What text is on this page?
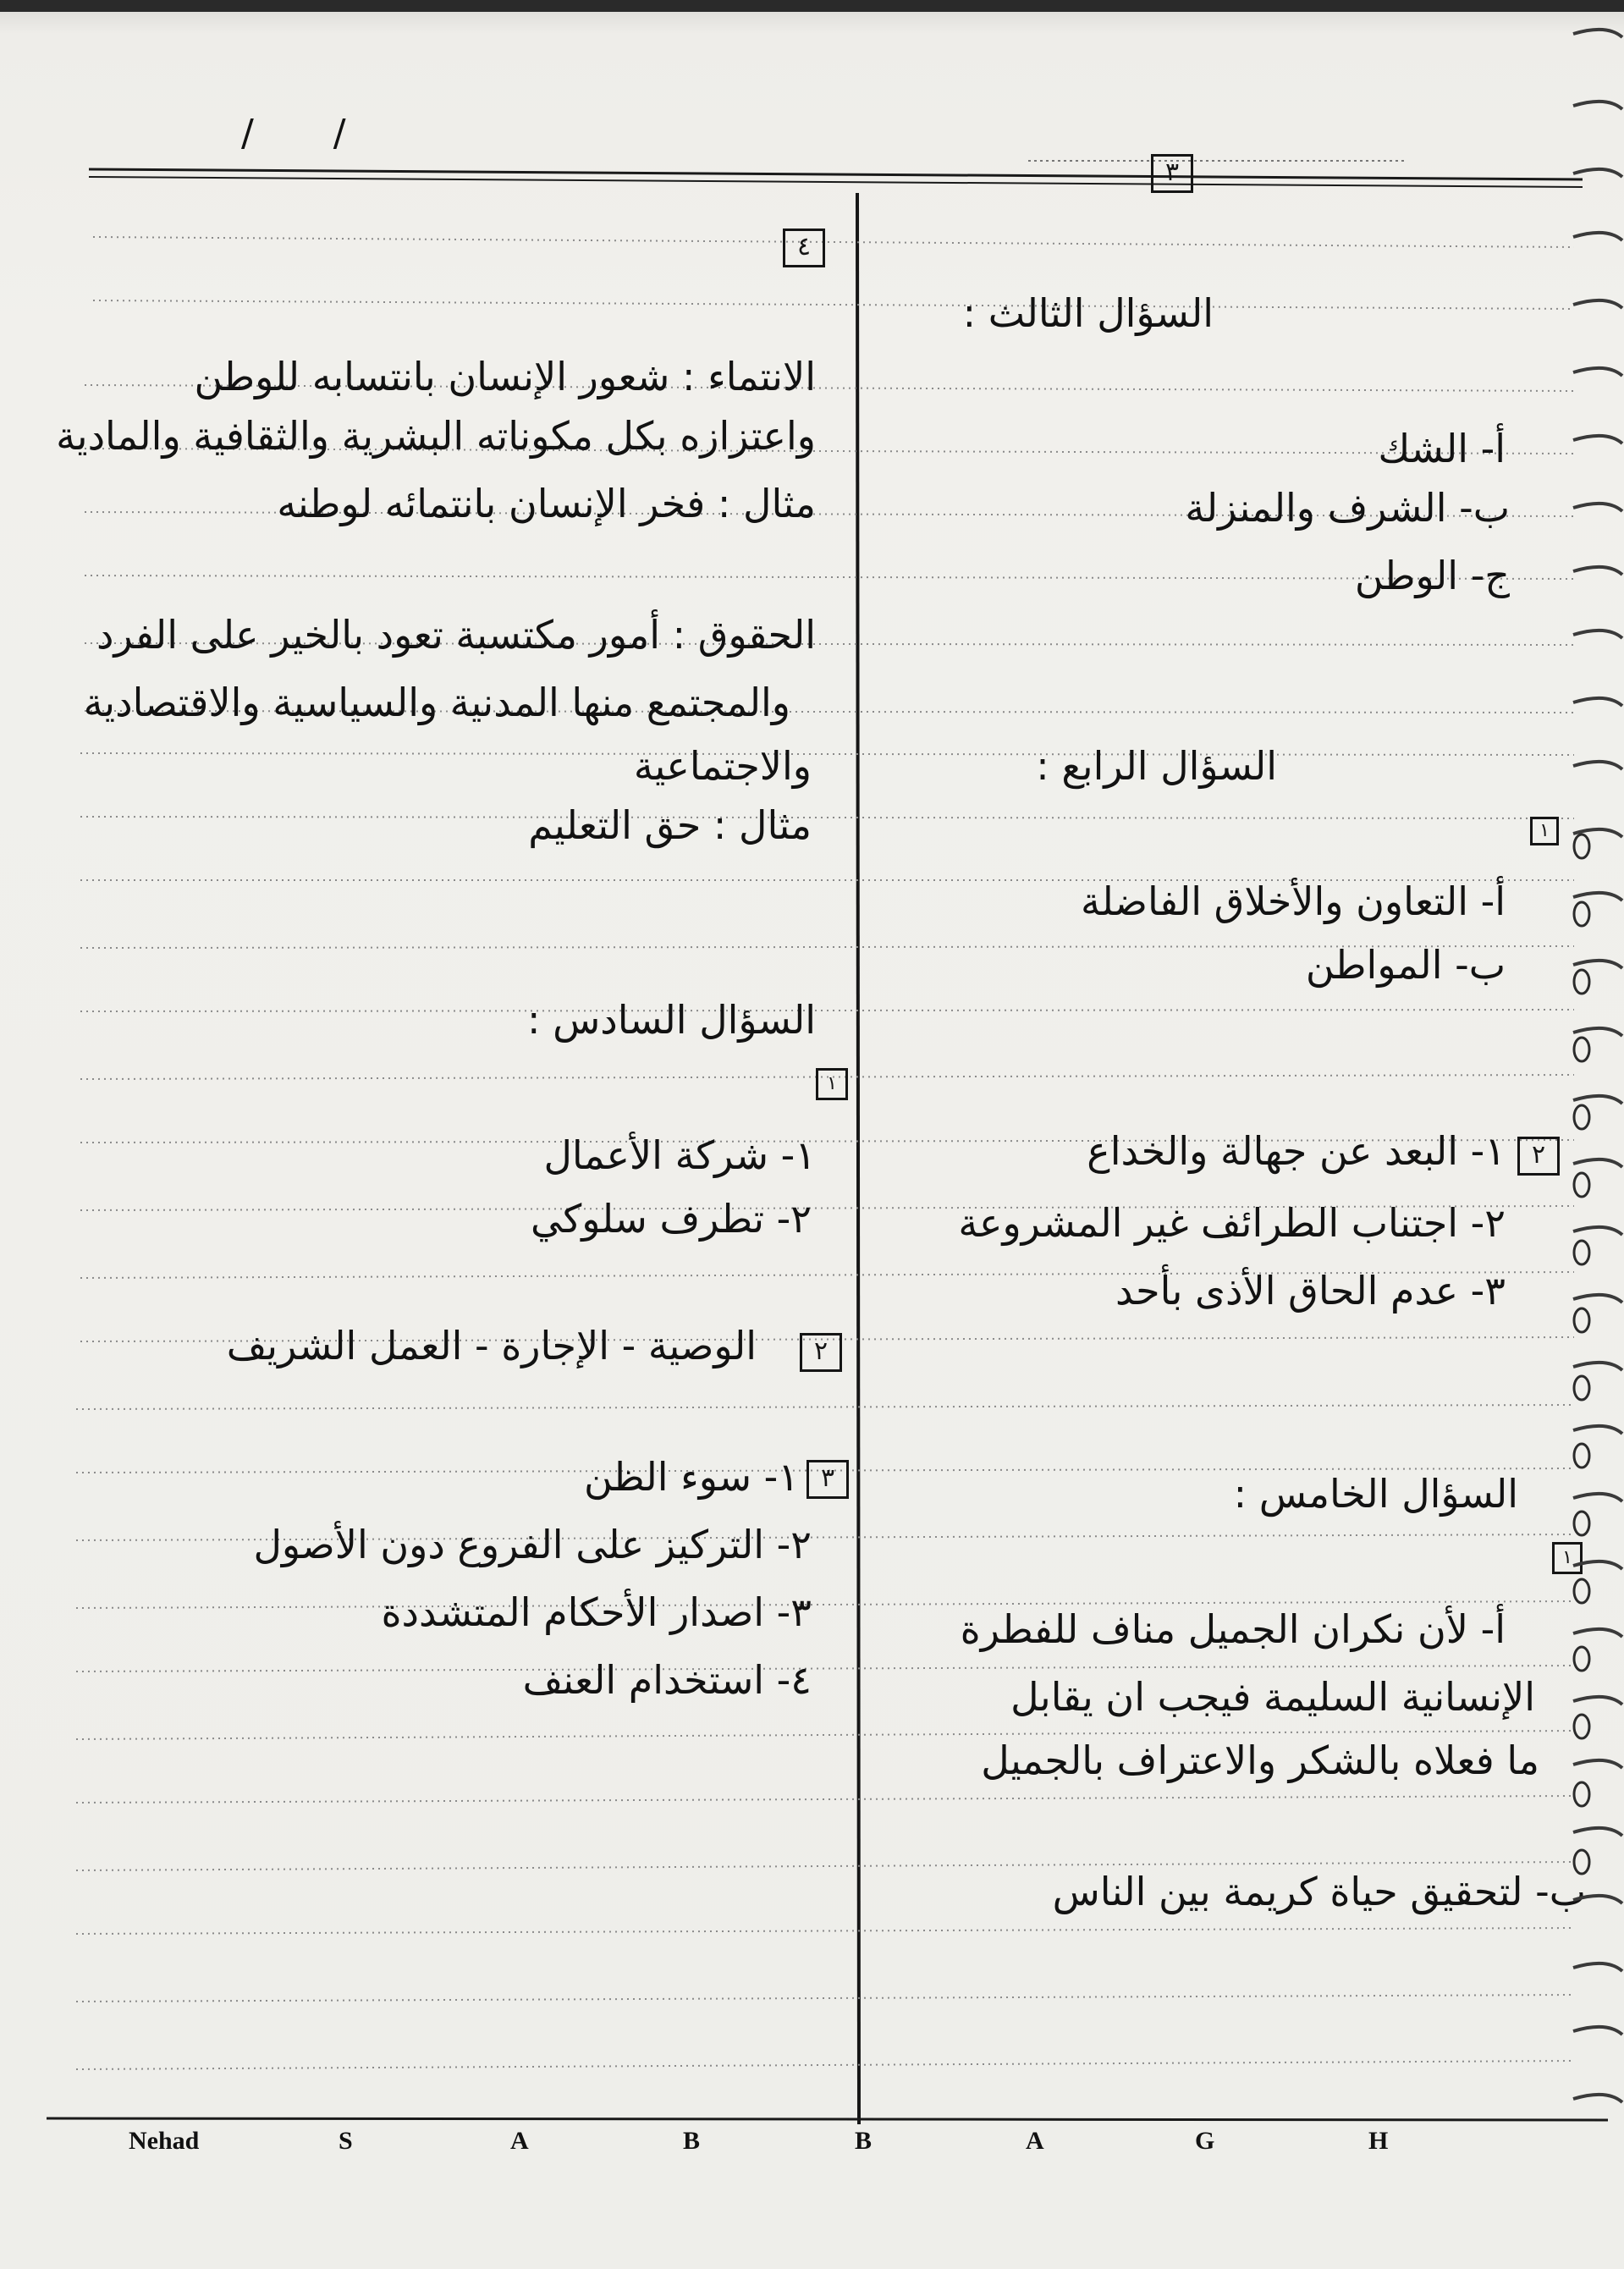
/ /
٣
السؤال الثالث :
أ- الشك
ب- الشرف والمنزلة
ج- الوطن
السؤال الرابع :
١
أ- التعاون والأخلاق الفاضلة
ب- المواطن
٢
١- البعد عن جهالة والخداع
٢- اجتناب الطرائف غير المشروعة
٣- عدم الحاق الأذى بأحد
السؤال الخامس :
١
أ- لأن نكران الجميل مناف للفطرة
الإنسانية السليمة فيجب ان يقابل
ما فعلاه بالشكر والاعتراف بالجميل
ب- لتحقيق حياة كريمة بين الناس
٤
الانتماء : شعور الإنسان بانتسابه للوطن
واعتزازه بكل مكوناته البشرية والثقافية والمادية
مثال : فخر الإنسان بانتمائه لوطنه
الحقوق : أمور مكتسبة تعود بالخير على الفرد
والمجتمع منها المدنية والسياسية والاقتصادية
والاجتماعية
مثال : حق التعليم
السؤال السادس :
١
١- شركة الأعمال
٢- تطرف سلوكي
٢
الوصية - الإجارة - العمل الشريف
٣
١- سوء الظن
٢- التركيز على الفروع دون الأصول
٣- اصدار الأحكام المتشددة
٤- استخدام العنف
Nehad	S	A	B	B	A	G	H
